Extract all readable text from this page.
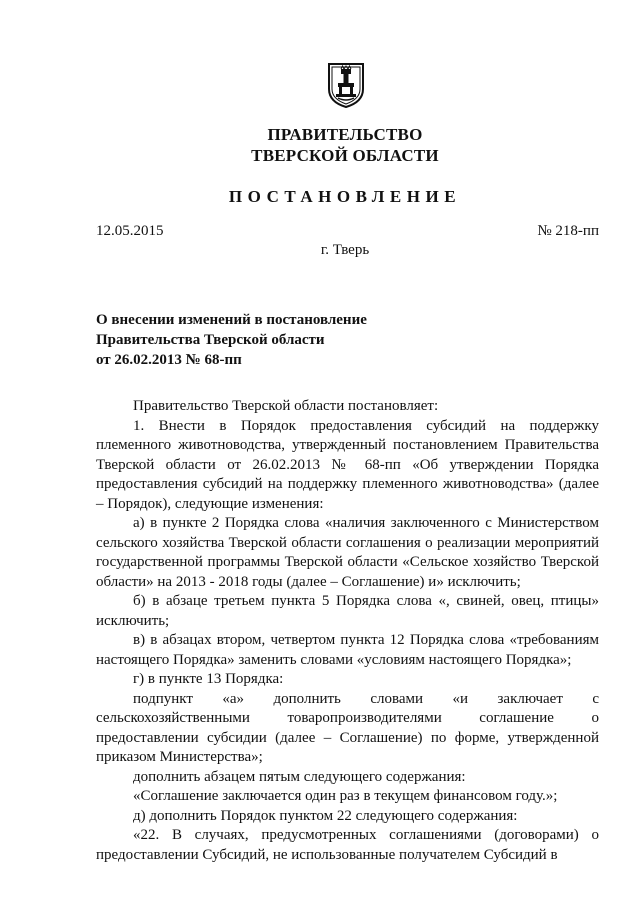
ПРАВИТЕЛЬСТВО
ТВЕРСКОЙ ОБЛАСТИ
ПОСТАНОВЛЕНИЕ
12.05.2015	№ 218-пп
г. Тверь
О внесении изменений в постановление
Правительства Тверской области
от 26.02.2013 № 68-пп

Правительство Тверской области постановляет:

1. Внести в Порядок предоставления субсидий на поддержку племенного животноводства, утвержденный постановлением Правительства Тверской области от 26.02.2013 № 68-пп «Об утверждении Порядка предоставления субсидий на поддержку племенного животноводства» (далее – Порядок), следующие изменения:

а) в пункте 2 Порядка слова «наличия заключенного с Министерством сельского хозяйства Тверской области соглашения о реализации мероприятий государственной программы Тверской области «Сельское хозяйство Тверской области» на 2013 - 2018 годы (далее – Соглашение) и» исключить;

б) в абзаце третьем пункта 5 Порядка слова «, свиней, овец, птицы» исключить;

в) в абзацах втором, четвертом пункта 12 Порядка слова «требованиям настоящего Порядка» заменить словами «условиям настоящего Порядка»;

г) в пункте 13 Порядка:

подпункт «а» дополнить словами «и заключает с сельскохозяйственными товаропроизводителями соглашение о предоставлении субсидии (далее – Соглашение) по форме, утвержденной приказом Министерства»;

дополнить абзацем пятым следующего содержания:

«Соглашение заключается один раз в текущем финансовом году.»;

д) дополнить Порядок пунктом 22 следующего содержания:

«22. В случаях, предусмотренных соглашениями (договорами) о предоставлении Субсидий, не использованные получателем Субсидий в
